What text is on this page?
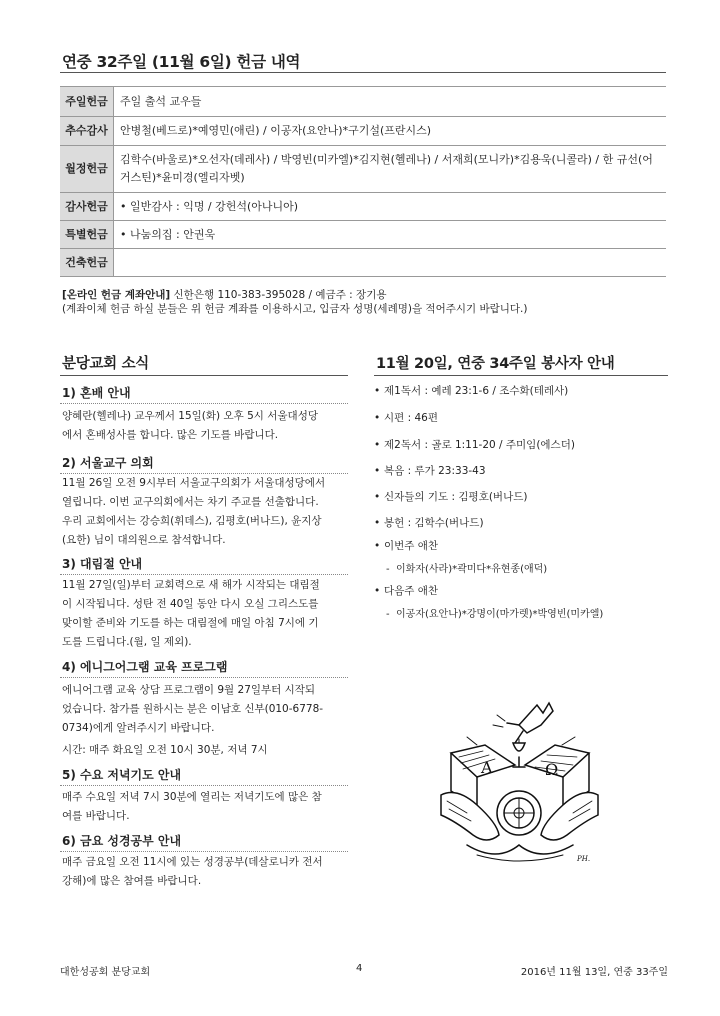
연중 32주일 (11월 6일) 헌금 내역
주일헌금	주일 출석 교우들
추수감사	안병철(베드로)*예영민(애린) / 이공자(요안나)*구기설(프란시스)
월정헌금	김학수(바울로)*오선자(데레사) / 박영빈(미카엘)*김지현(헬레나) / 서재희(모니카)*김용욱(니콜라) / 한 규선(어거스틴)*윤미경(엘리자벳)
감사헌금	• 일반감사 : 익명 / 강헌석(아나니아)
특별헌금	• 나눔의집 : 안권욱
건축헌금	
[온라인 헌금 계좌안내] 신한은행 110-383-395028 / 예금주 : 장기용
(계좌이체 헌금 하실 분들은 위 헌금 계좌를 이용하시고, 입금자 성명(세례명)을 적어주시기 바랍니다.)
분당교회 소식
1) 혼배 안내
양혜란(헬레나) 교우께서 15일(화) 오후 5시 서울대성당
에서 혼배성사를 합니다. 많은 기도를 바랍니다.
2) 서울교구 의회
11월 26일 오전 9시부터 서울교구의회가 서울대성당에서
열립니다. 이번 교구의회에서는 차기 주교를 선출합니다.
우리 교회에서는 강승희(휘데스), 김평호(버나드), 윤지상
(요한) 님이 대의원으로 참석합니다.
3) 대림절 안내
11월 27일(일)부터 교회력으로 새 해가 시작되는 대림절
이 시작됩니다. 성탄 전 40일 동안 다시 오실 그리스도를
맞이할 준비와 기도를 하는 대림절에 매일 아침 7시에 기
도를 드립니다.(월, 일 제외).
4) 에니그어그램 교육 프로그램
에니어그램 교육 상담 프로그램이 9월 27일부터 시작되
었습니다. 참가를 원하시는 분은 이남호 신부(010-6778-
0734)에게 알려주시기 바랍니다.
시간: 매주 화요일 오전 10시 30분, 저녁 7시
5) 수요 저녁기도 안내
매주 수요일 저녁 7시 30분에 열리는 저녁기도에 많은 참
여를 바랍니다.
6) 금요 성경공부 안내
매주 금요일 오전 11시에 있는 성경공부(데살로니카 전서
강해)에 많은 참여를 바랍니다.
11월 20일, 연중 34주일 봉사자 안내
• 제1독서 : 예레 23:1-6 / 조수화(테레사)
• 시편 : 46편
• 제2독서 : 골로 1:11-20 / 주미임(에스더)
• 복음 : 루가 23:33-43
• 신자들의 기도 : 김평호(버나드)
• 봉헌 : 김학수(버나드)
• 이번주 애찬
- 이화자(사라)*곽미다*유현종(애덕)
• 다음주 애찬
- 이공자(요안나)*강명이(마가렛)*박영빈(미카엘)
A	Ω
PH.
대한성공회 분당교회	4	2016년 11월 13일, 연중 33주일
